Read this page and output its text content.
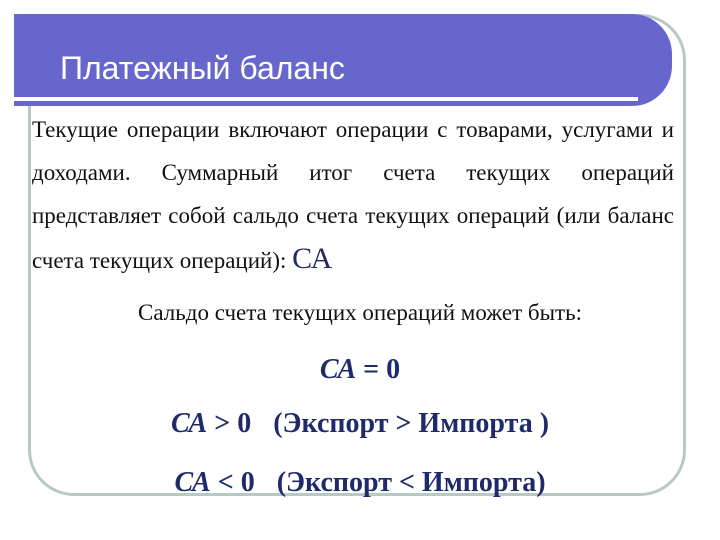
Платежный баланс
Текущие операции включают операции с товарами, услугами и доходами. Суммарный итог счета текущих операций представляет собой сальдо счета текущих операций (или баланс счета текущих операций): СА
Сальдо счета текущих операций может быть:
СА = 0
СА > 0 (Экспорт > Импорта )
СА < 0 (Экспорт < Импорта)
